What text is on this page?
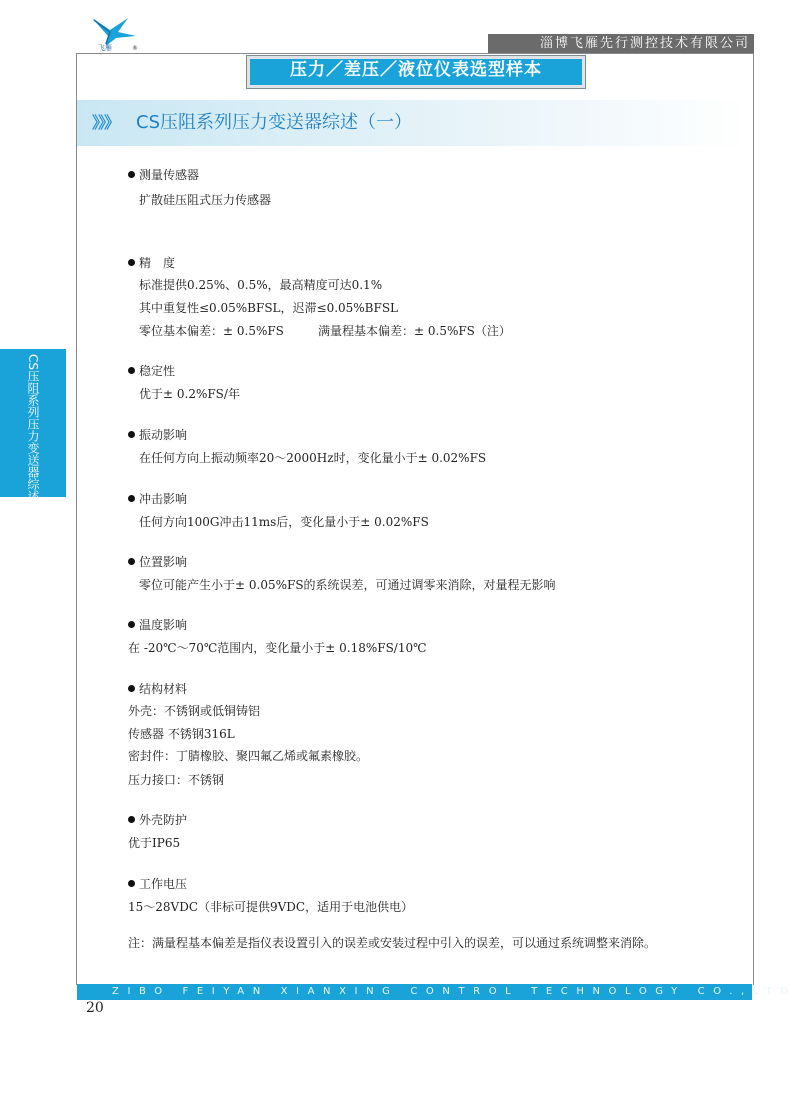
飞雁	®	淄博飞雁先行测控技术有限公司
压力／差压／液位仪表选型样本
》》》 CS压阻系列压力变送器综述（一）
CS压阻系列压力变送器综述
测量传感器
扩散硅压阻式压力传感器
精　度
标准提供0.25%、0.5%，最高精度可达0.1%
其中重复性≤0.05%BFSL，迟滞≤0.05%BFSL
零位基本偏差：± 0.5%FS	满量程基本偏差：± 0.5%FS（注）
稳定性
优于± 0.2%FS/年
振动影响
在任何方向上振动频率20～2000Hz时，变化量小于± 0.02%FS
冲击影响
任何方向100G冲击11ms后，变化量小于± 0.02%FS
位置影响
零位可能产生小于± 0.05%FS的系统误差，可通过调零来消除，对量程无影响
温度影响
在 -20℃～70℃范围内，变化量小于± 0.18%FS/10℃
结构材料
外壳：不锈钢或低铜铸铝
传感器 不锈钢316L
密封件：丁腈橡胶、聚四氟乙烯或氟素橡胶。
压力接口：不锈钢
外壳防护
优于IP65
工作电压
15～28VDC（非标可提供9VDC，适用于电池供电）
注：满量程基本偏差是指仪表设置引入的误差或安装过程中引入的误差，可以通过系统调整来消除。
ZIBO FEIYAN XIANXING CONTROL TECHNOLOGY CO.,LTD
20
